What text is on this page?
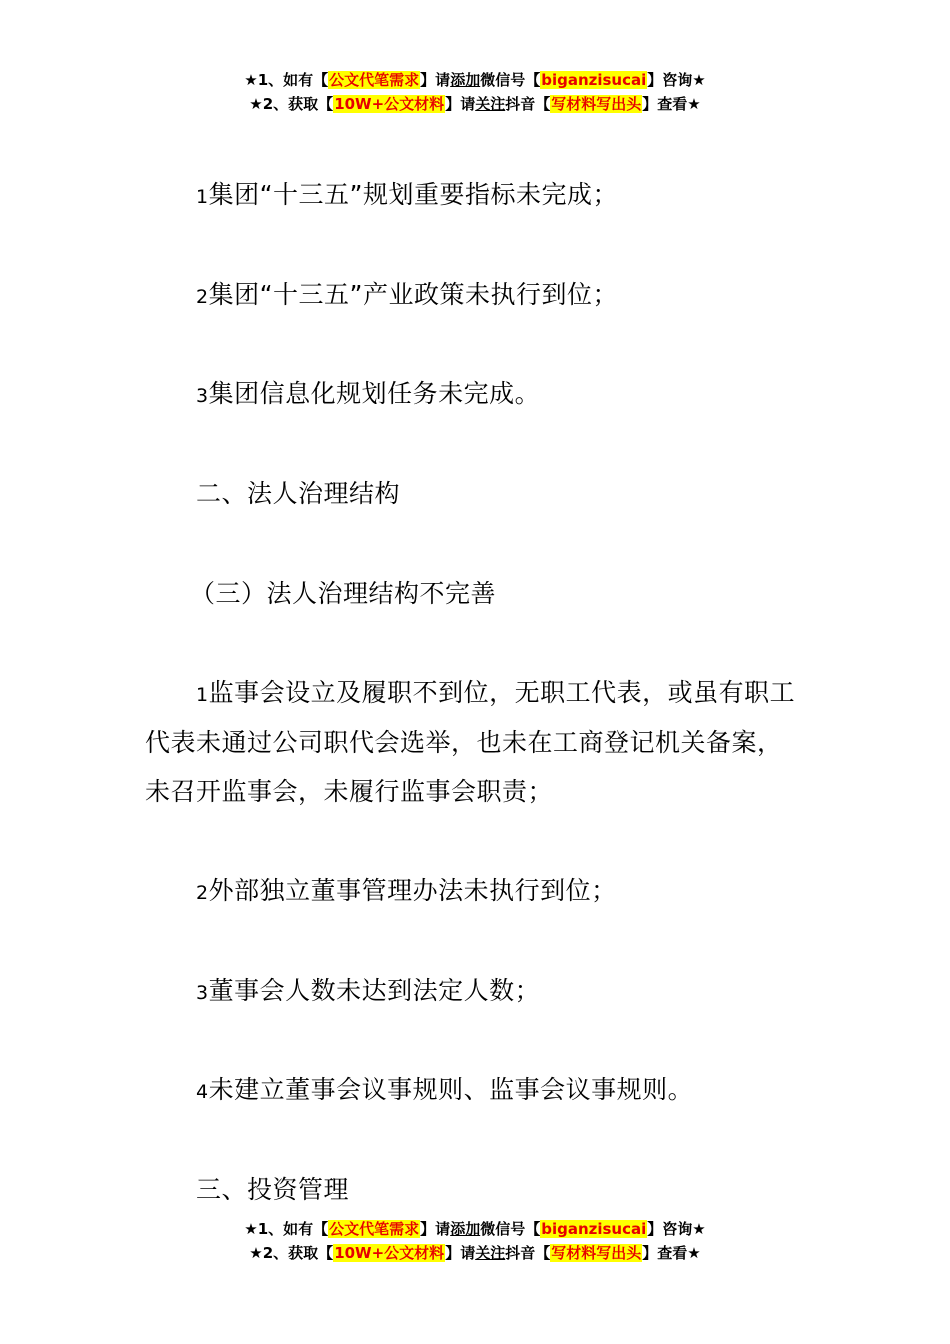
★1、如有【公文代笔需求】请添加微信号【biganzisucai】咨询★
★2、获取【10W+公文材料】请关注抖音【写材料写出头】查看★
1集团“十三五”规划重要指标未完成；
2集团“十三五”产业政策未执行到位；
3集团信息化规划任务未完成。
二、法人治理结构
（三）法人治理结构不完善
1监事会设立及履职不到位，无职工代表，或虽有职工
代表未通过公司职代会选举，也未在工商登记机关备案，
未召开监事会，未履行监事会职责；
2外部独立董事管理办法未执行到位；
3董事会人数未达到法定人数；
4未建立董事会议事规则、监事会议事规则。
三、投资管理
★1、如有【公文代笔需求】请添加微信号【biganzisucai】咨询★
★2、获取【10W+公文材料】请关注抖音【写材料写出头】查看★
